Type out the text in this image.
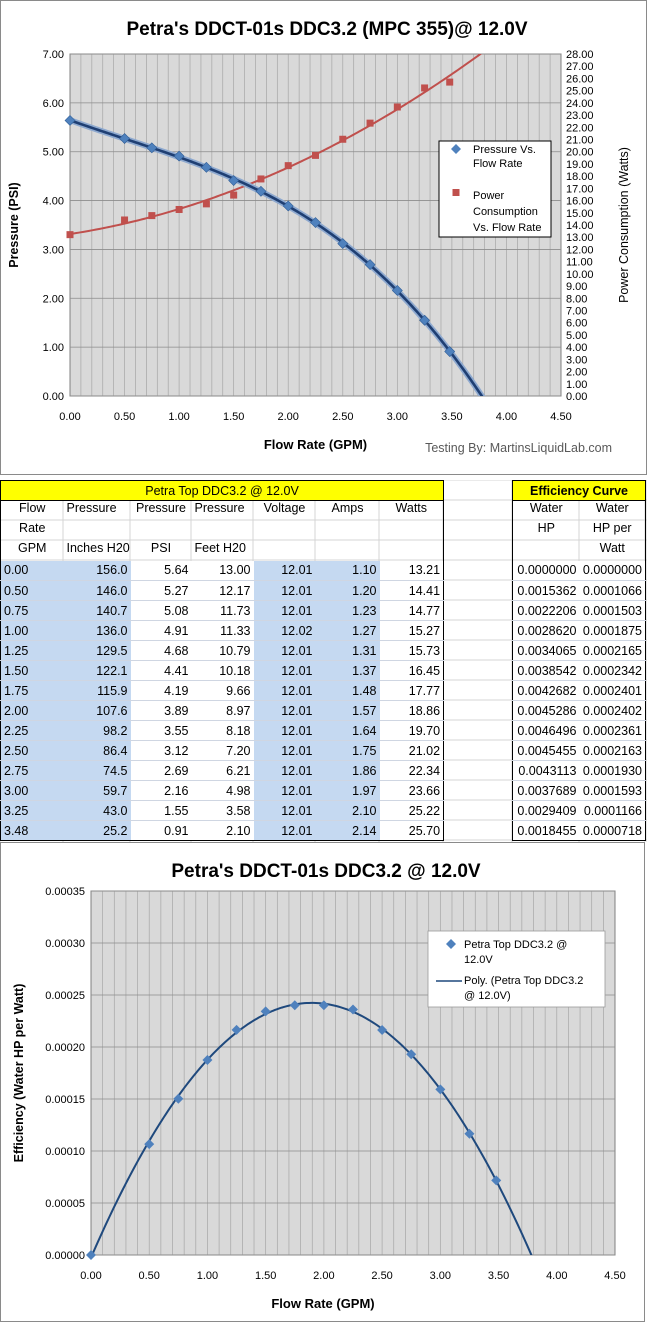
Petra's DDCT-01s DDC3.2 (MPC 355)@ 12.0V
0.00
1.00
2.00
3.00
4.00
5.00
6.00
7.00
0.00	0.50	1.00	1.50	2.00	2.50	3.00	3.50	4.00	4.50
0.00
1.00
2.00
3.00
4.00
5.00
6.00
7.00
8.00
9.00
10.00
11.00
12.00
13.00
14.00
15.00
16.00
17.00
18.00
19.00
20.00
21.00
22.00
23.00
24.00
25.00
26.00
27.00
28.00
Pressure (PSI)	Power Consumption (Watts)
Flow Rate (GPM)	Testing By: MartinsLiquidLab.com
Pressure Vs.
Flow Rate
Power
Consumption
Vs. Flow Rate
Petra Top DDC3.2 @ 12.0V						
Flow	Pressure	Pressure	Pressure	Voltage	Amps	Watts
Rate						
GPM	Inches H20	PSI	Feet H20			
0.00	156.0	5.64	13.00	12.01	1.10	13.21
0.50	146.0	5.27	12.17	12.01	1.20	14.41
0.75	140.7	5.08	11.73	12.01	1.23	14.77
1.00	136.0	4.91	11.33	12.02	1.27	15.27
1.25	129.5	4.68	10.79	12.01	1.31	15.73
1.50	122.1	4.41	10.18	12.01	1.37	16.45
1.75	115.9	4.19	9.66	12.01	1.48	17.77
2.00	107.6	3.89	8.97	12.01	1.57	18.86
2.25	98.2	3.55	8.18	12.01	1.64	19.70
2.50	86.4	3.12	7.20	12.01	1.75	21.02
2.75	74.5	2.69	6.21	12.01	1.86	22.34
3.00	59.7	2.16	4.98	12.01	1.97	23.66
3.25	43.0	1.55	3.58	12.01	2.10	25.22
3.48	25.2	0.91	2.10	12.01	2.14	25.70
Efficiency Curve	
Water	Water
HP	HP per
	Watt
0.0000000	0.0000000
0.0015362	0.0001066
0.0022206	0.0001503
0.0028620	0.0001875
0.0034065	0.0002165
0.0038542	0.0002342
0.0042682	0.0002401
0.0045286	0.0002402
0.0046496	0.0002361
0.0045455	0.0002163
0.0043113	0.0001930
0.0037689	0.0001593
0.0029409	0.0001166
0.0018455	0.0000718
Petra's DDCT-01s DDC3.2 @ 12.0V
0.00000
0.00005
0.00010
0.00015
0.00020
0.00025
0.00030
0.00035
0.00	0.50	1.00	1.50	2.00	2.50	3.00	3.50	4.00	4.50
Efficiency (Water HP per Watt)
Flow Rate (GPM)
Petra Top DDC3.2 @
12.0V
Poly. (Petra Top DDC3.2
@ 12.0V)
